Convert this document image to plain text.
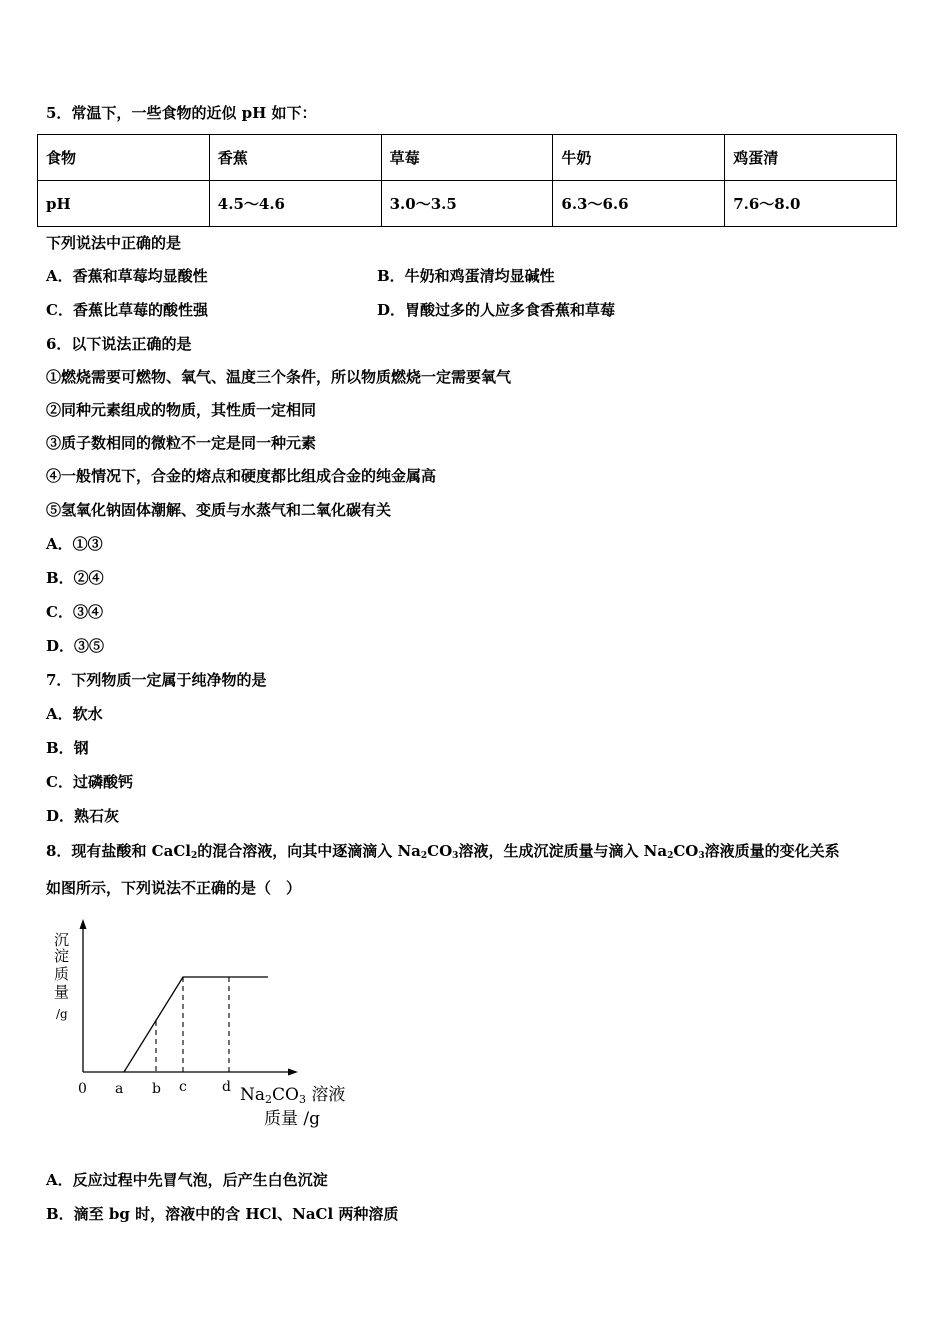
5．常温下，一些食物的近似 pH 如下：
食物	香蕉	草莓	牛奶	鸡蛋清
pH	4.5～4.6	3.0～3.5	6.3～6.6	7.6～8.0
下列说法中正确的是
A．香蕉和草莓均显酸性	B．牛奶和鸡蛋清均显碱性
C．香蕉比草莓的酸性强	D．胃酸过多的人应多食香蕉和草莓
6．以下说法正确的是
①燃烧需要可燃物、氧气、温度三个条件，所以物质燃烧一定需要氧气
②同种元素组成的物质，其性质一定相同
③质子数相同的微粒不一定是同一种元素
④一般情况下，合金的熔点和硬度都比组成合金的纯金属高
⑤氢氧化钠固体潮解、变质与水蒸气和二氧化碳有关
A．①③
B．②④
C．③④
D．③⑤
7．下列物质一定属于纯净物的是
A．软水
B．钢
C．过磷酸钙
D．熟石灰
8．现有盐酸和 CaCl$_2$的混合溶液，向其中逐滴滴入 $Na_2CO_3$溶液，生成沉淀质量与滴入 $Na_2CO_3$溶液质量的变化关系
如图所示，下列说法不正确的是（　）
沉
淀
质
量
/g
0 a b c	d Na2CO3 溶液
质量 /g
A．反应过程中先冒气泡，后产生白色沉淀
B．滴至 bg 时，溶液中的含 HCl、NaCl 两种溶质
